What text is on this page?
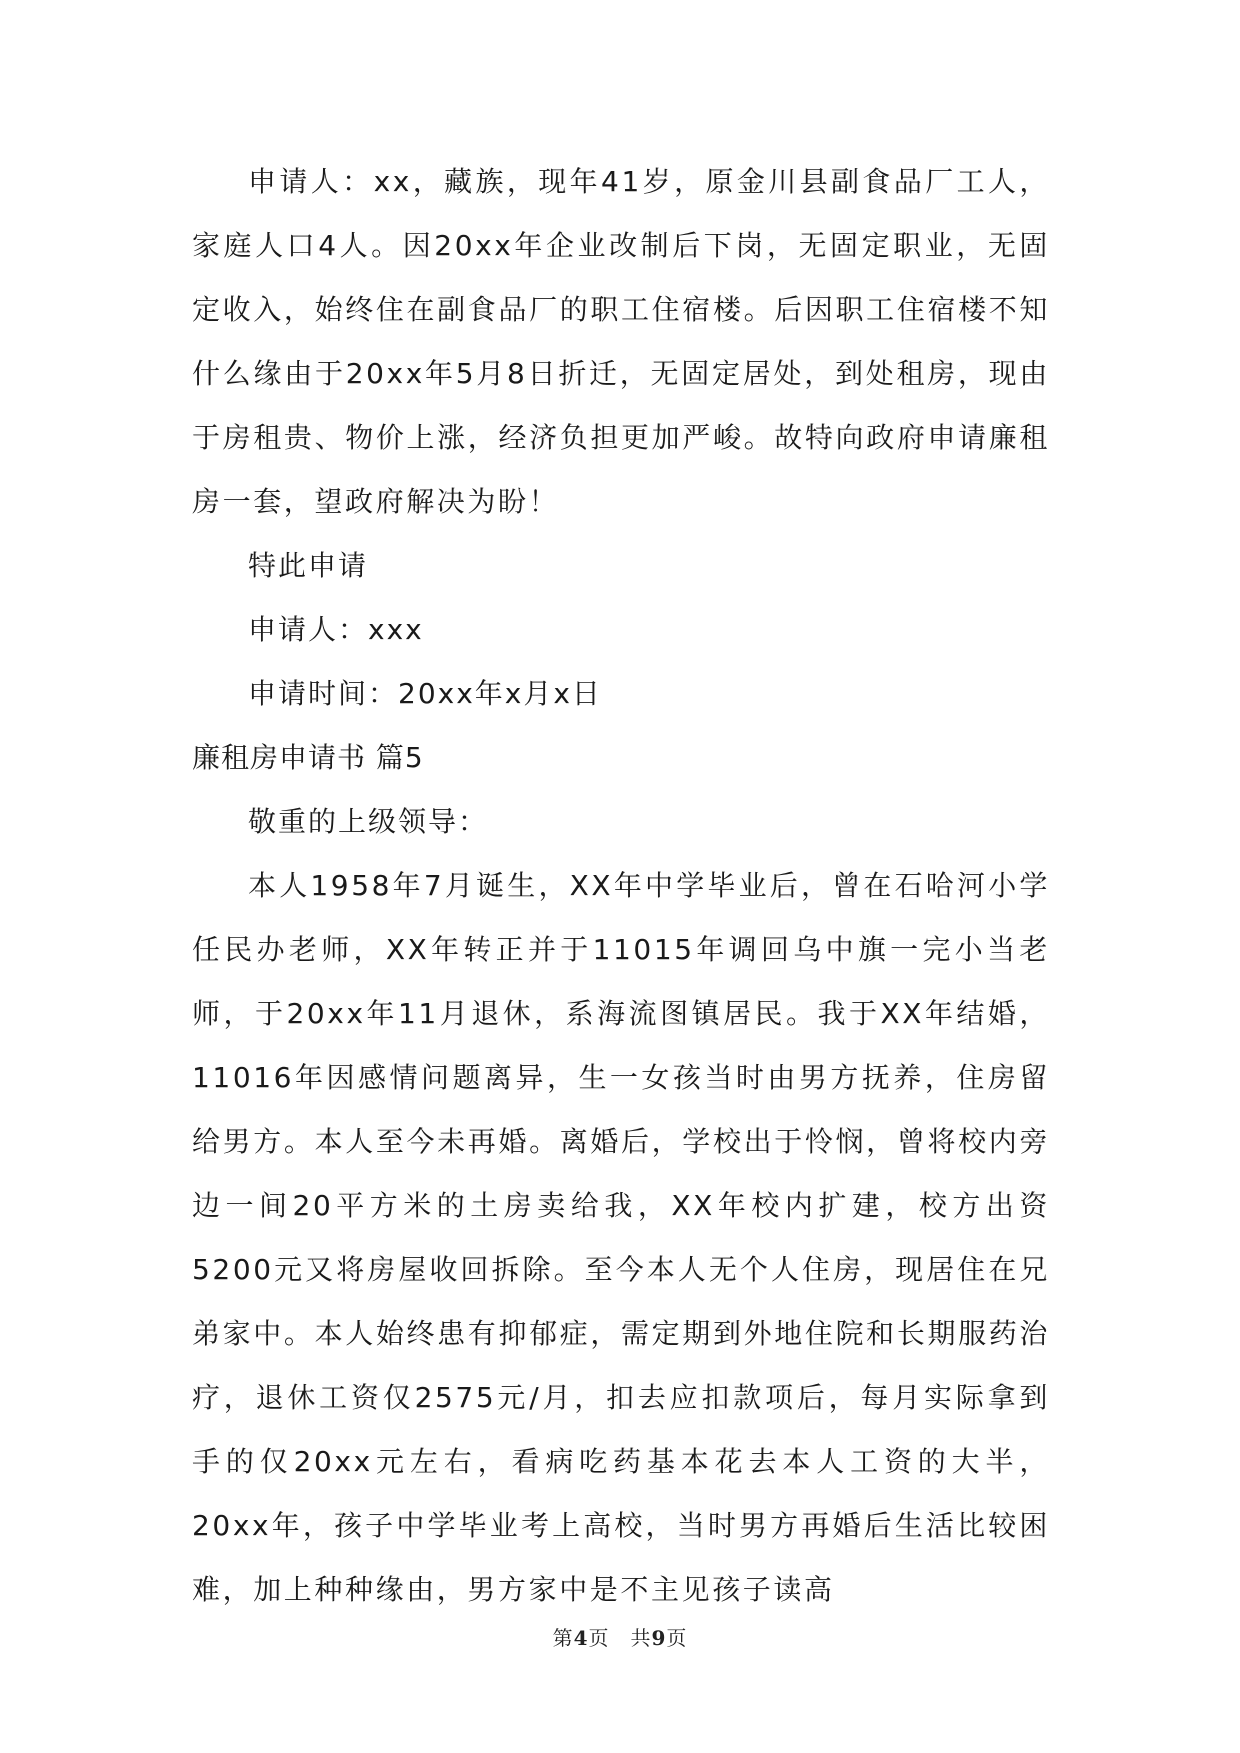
申请人：xx，藏族，现年41岁，原金川县副食品厂工人，家庭人口4人。因20xx年企业改制后下岗，无固定职业，无固定收入，始终住在副食品厂的职工住宿楼。后因职工住宿楼不知什么缘由于20xx年5月8日折迁，无固定居处，到处租房，现由于房租贵、物价上涨，经济负担更加严峻。故特向政府申请廉租房一套，望政府解决为盼！

特此申请

申请人：xxx

申请时间：20xx年x月x日

廉租房申请书 篇5

敬重的上级领导：

本人1958年7月诞生，XX年中学毕业后，曾在石哈河小学任民办老师，XX年转正并于11015年调回乌中旗一完小当老师，于20xx年11月退休，系海流图镇居民。我于XX年结婚，11016年因感情问题离异，生一女孩当时由男方抚养，住房留给男方。本人至今未再婚。离婚后，学校出于怜悯，曾将校内旁边一间20平方米的土房卖给我，XX年校内扩建，校方出资5200元又将房屋收回拆除。至今本人无个人住房，现居住在兄弟家中。本人始终患有抑郁症，需定期到外地住院和长期服药治疗，退休工资仅2575元/月，扣去应扣款项后，每月实际拿到手的仅20xx元左右，看病吃药基本花去本人工资的大半，20xx年，孩子中学毕业考上高校，当时男方再婚后生活比较困难，加上种种缘由，男方家中是不主见孩子读高

第4页　共9页
